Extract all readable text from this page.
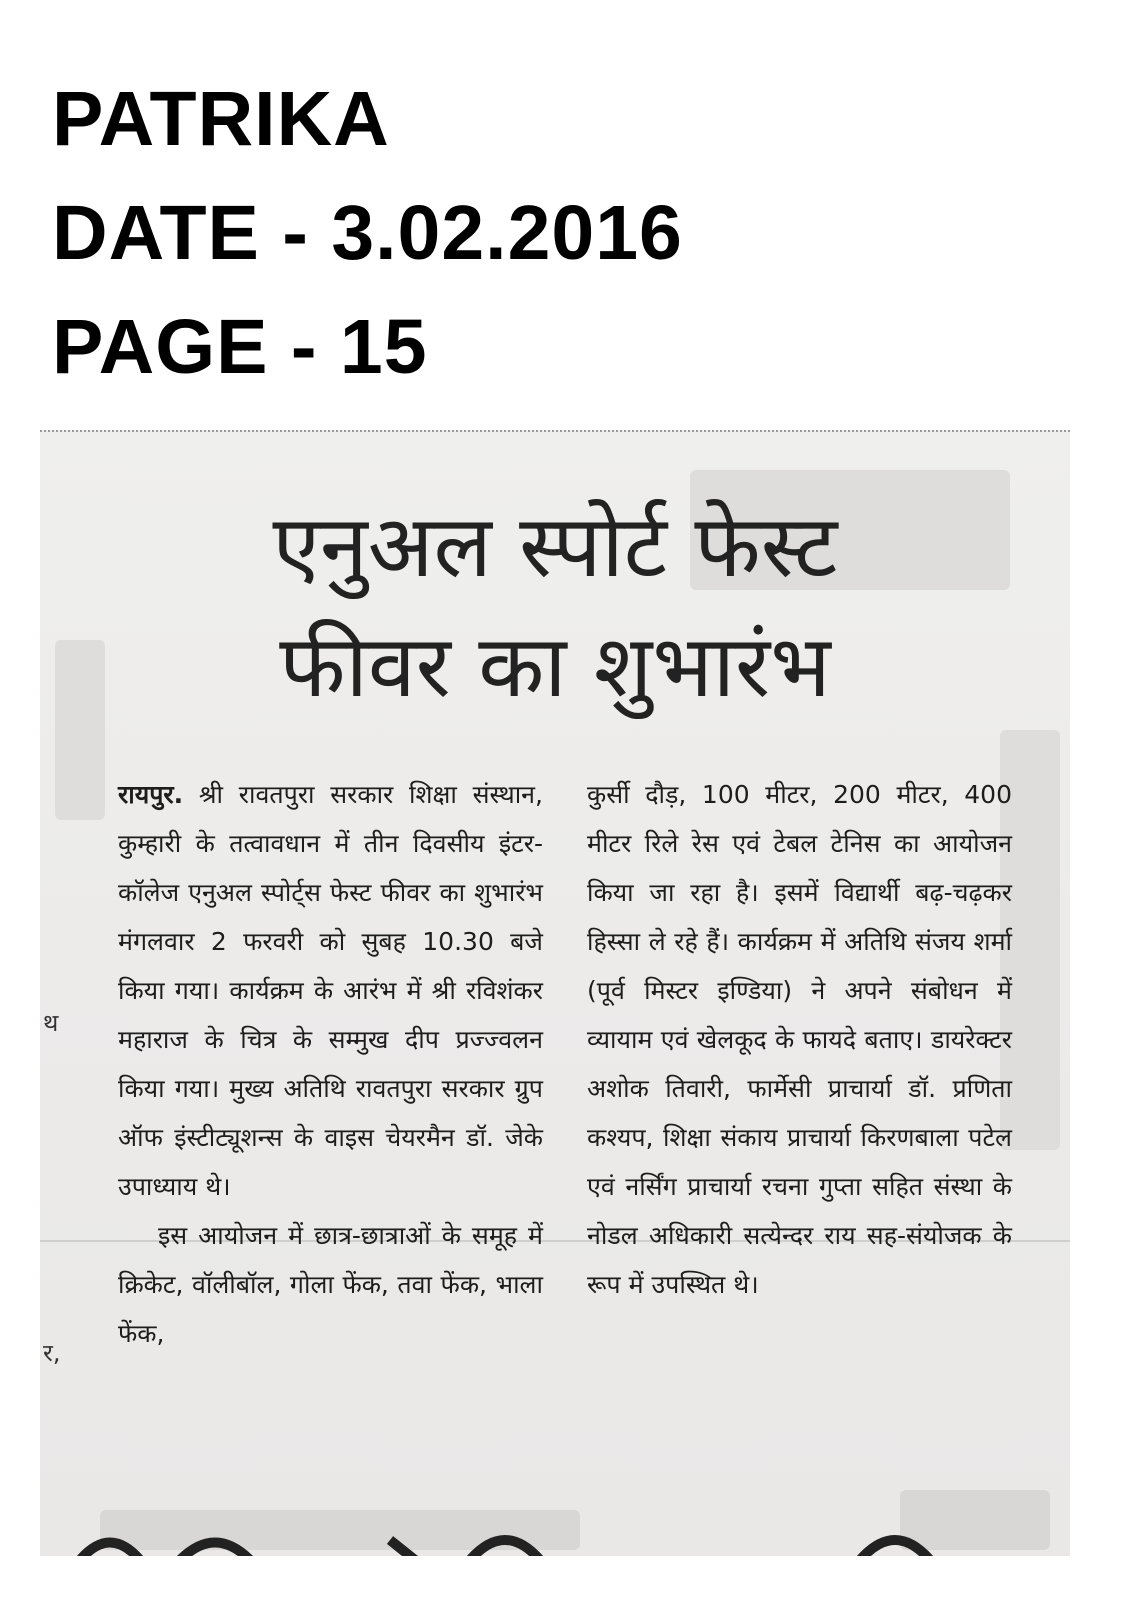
PATRIKA
DATE - 3.02.2016
PAGE - 15
एनुअल स्पोर्ट फेस्ट
फीवर का शुभारंभ
थ
र,

रायपुर. श्री रावतपुरा सरकार शिक्षा संस्थान, कुम्हारी के तत्वावधान में तीन दिवसीय इंटर-कॉलेज एनुअल स्पोर्ट्स फेस्ट फीवर का शुभारंभ मंगलवार 2 फरवरी को सुबह 10.30 बजे किया गया। कार्यक्रम के आरंभ में श्री रविशंकर महाराज के चित्र के सम्मुख दीप प्रज्ज्वलन किया गया। मुख्य अतिथि रावतपुरा सरकार ग्रुप ऑफ इंस्टीट्यूशन्स के वाइस चेयरमैन डॉ. जेके उपाध्याय थे।

इस आयोजन में छात्र-छात्राओं के समूह में क्रिकेट, वॉलीबॉल, गोला फेंक, तवा फेंक, भाला फेंक,

कुर्सी दौड़, 100 मीटर, 200 मीटर, 400 मीटर रिले रेस एवं टेबल टेनिस का आयोजन किया जा रहा है। इसमें विद्यार्थी बढ़-चढ़कर हिस्सा ले रहे हैं। कार्यक्रम में अतिथि संजय शर्मा (पूर्व मिस्टर इण्डिया) ने अपने संबोधन में व्यायाम एवं खेलकूद के फायदे बताए। डायरेक्टर अशोक तिवारी, फार्मेसी प्राचार्या डॉ. प्रणिता कश्यप, शिक्षा संकाय प्राचार्या किरणबाला पटेल एवं नर्सिंग प्राचार्या रचना गुप्ता सहित संस्था के नोडल अधिकारी सत्येन्दर राय सह-संयोजक के रूप में उपस्थित थे।
